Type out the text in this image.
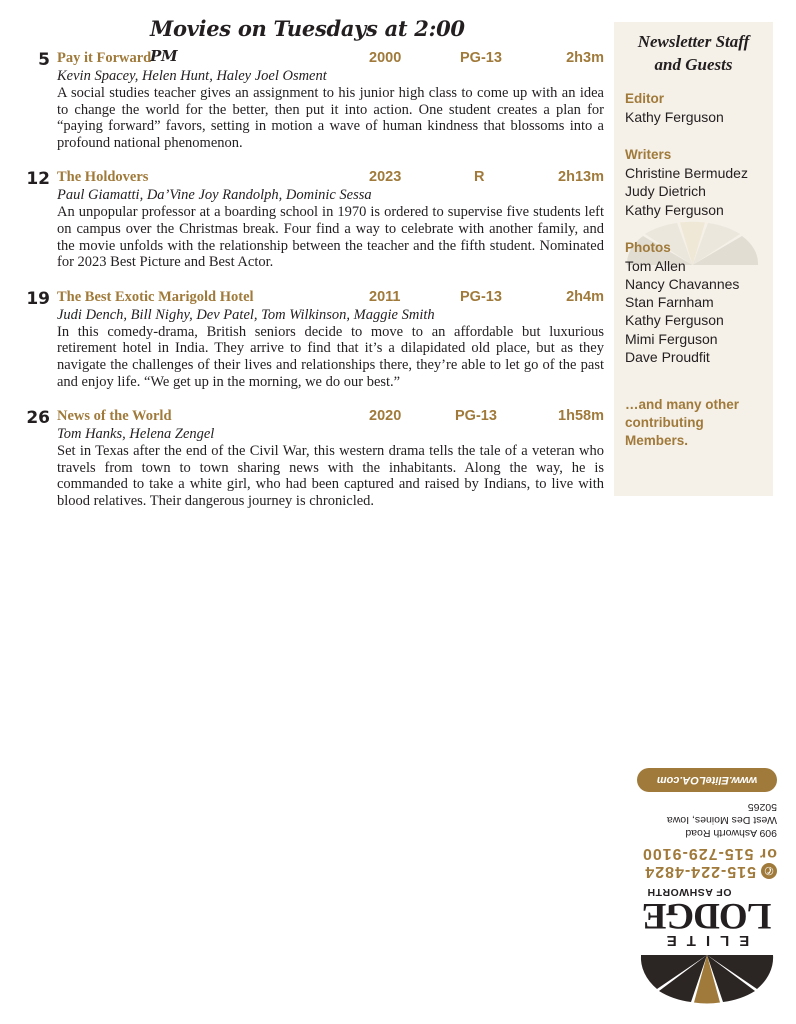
Movies on Tuesdays at 2:00 PM
5 Pay it Forward	2000	PG-13	2h3m
Kevin Spacey, Helen Hunt, Haley Joel Osment
A social studies teacher gives an assignment to his junior high class to come up with an idea to change the world for the better, then put it into action. One student creates a plan for “paying forward” favors, setting in motion a wave of human kindness that blossoms into a profound national phenomenon.
12 The Holdovers	2023	R	2h13m
Paul Giamatti, Da’Vine Joy Randolph, Dominic Sessa
An unpopular professor at a boarding school in 1970 is ordered to supervise five students left on campus over the Christmas break. Four find a way to celebrate with another family, and the movie unfolds with the relationship between the teacher and the fifth student. Nominated for 2023 Best Picture and Best Actor.
19 The Best Exotic Marigold Hotel	2011	PG-13	2h4m
Judi Dench, Bill Nighy, Dev Patel, Tom Wilkinson, Maggie Smith
In this comedy-drama, British seniors decide to move to an affordable but luxurious retirement hotel in India. They arrive to find that it’s a dilapidated old place, but as they navigate the challenges of their lives and relationships there, they’re able to let go of the past and enjoy life. “We get up in the morning, we do our best.”
26 News of the World	2020	PG-13	1h58m
Tom Hanks, Helena Zengel
Set in Texas after the end of the Civil War, this western drama tells the tale of a veteran who travels from town to town sharing news with the inhabitants. Along the way, he is commanded to take a white girl, who had been captured and raised by Indians, to live with blood relatives. Their dangerous journey is chronicled.
Newsletter Staff
and Guests
Editor
Kathy Ferguson
Writers
Christine Bermudez
Judy Dietrich
Kathy Ferguson
Photos
Tom Allen
Nancy Chavannes
Stan Farnham
Kathy Ferguson
Mimi Ferguson
Dave Proudfit
…and many other
contributing
Members.
ELITE
LODGE
OF ASHWORTH
✆
515-224-4824
or 515-729-9100
909 Ashworth Road
West Des Moines, Iowa 50265
www.EliteLOA.com
